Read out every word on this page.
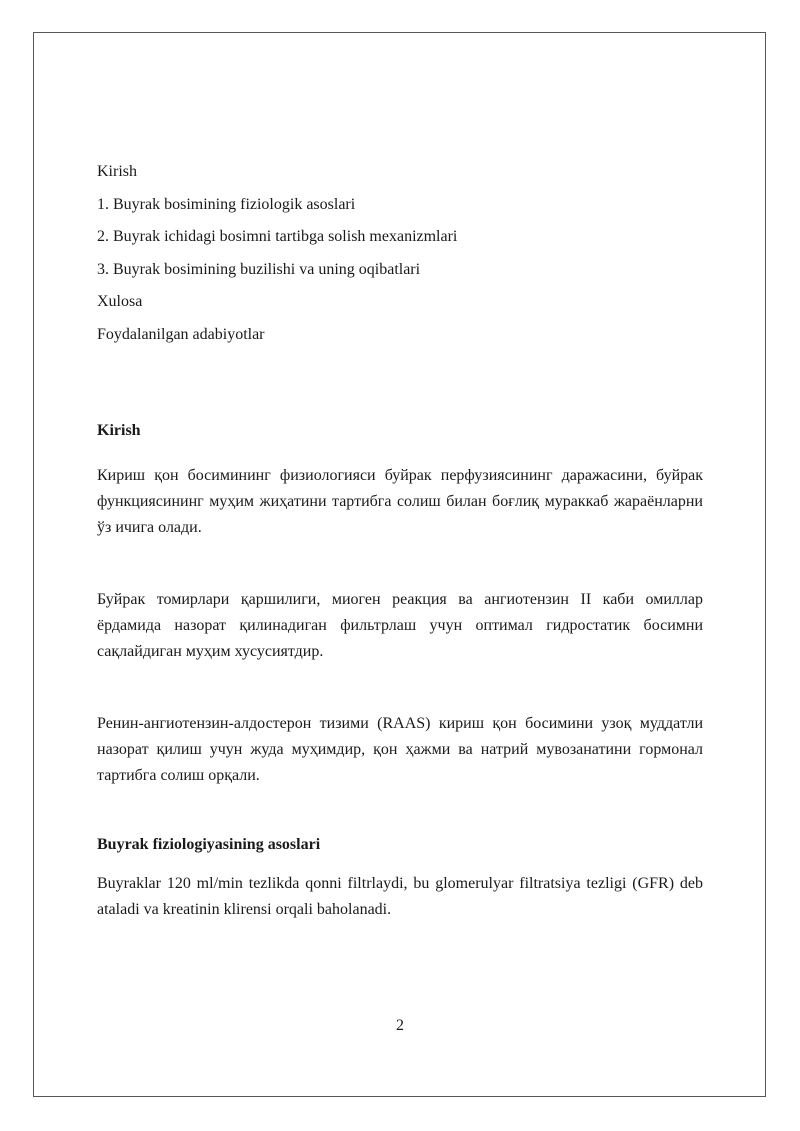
Kirish
1. Buyrak bosimining fiziologik asoslari
2. Buyrak ichidagi bosimni tartibga solish mexanizmlari
3. Buyrak bosimining buzilishi va uning oqibatlari
Xulosa
Foydalanilgan adabiyotlar
Kirish
Кириш қон босимининг физиологияси буйрак перфузиясининг даражасини, буйрак функциясининг муҳим жиҳатини тартибга солиш билан боғлиқ мураккаб жараёнларни ўз ичига олади.
Буйрак томирлари қаршилиги, миоген реакция ва ангиотензин II каби омиллар ёрдамида назорат қилинадиган фильтрлаш учун оптимал гидростатик босимни сақлайдиган муҳим хусусиятдир.
Ренин-ангиотензин-алдостерон тизими (RAAS) кириш қон босимини узоқ муддатли назорат қилиш учун жуда муҳимдир, қон ҳажми ва натрий мувозанатини гормонал тартибга солиш орқали.
Buyrak fiziologiyasining asoslari
Buyraklar 120 ml/min tezlikda qonni filtrlaydi, bu glomerulyar filtratsiya tezligi (GFR) deb ataladi va kreatinin klirensi orqali baholanadi.
2
